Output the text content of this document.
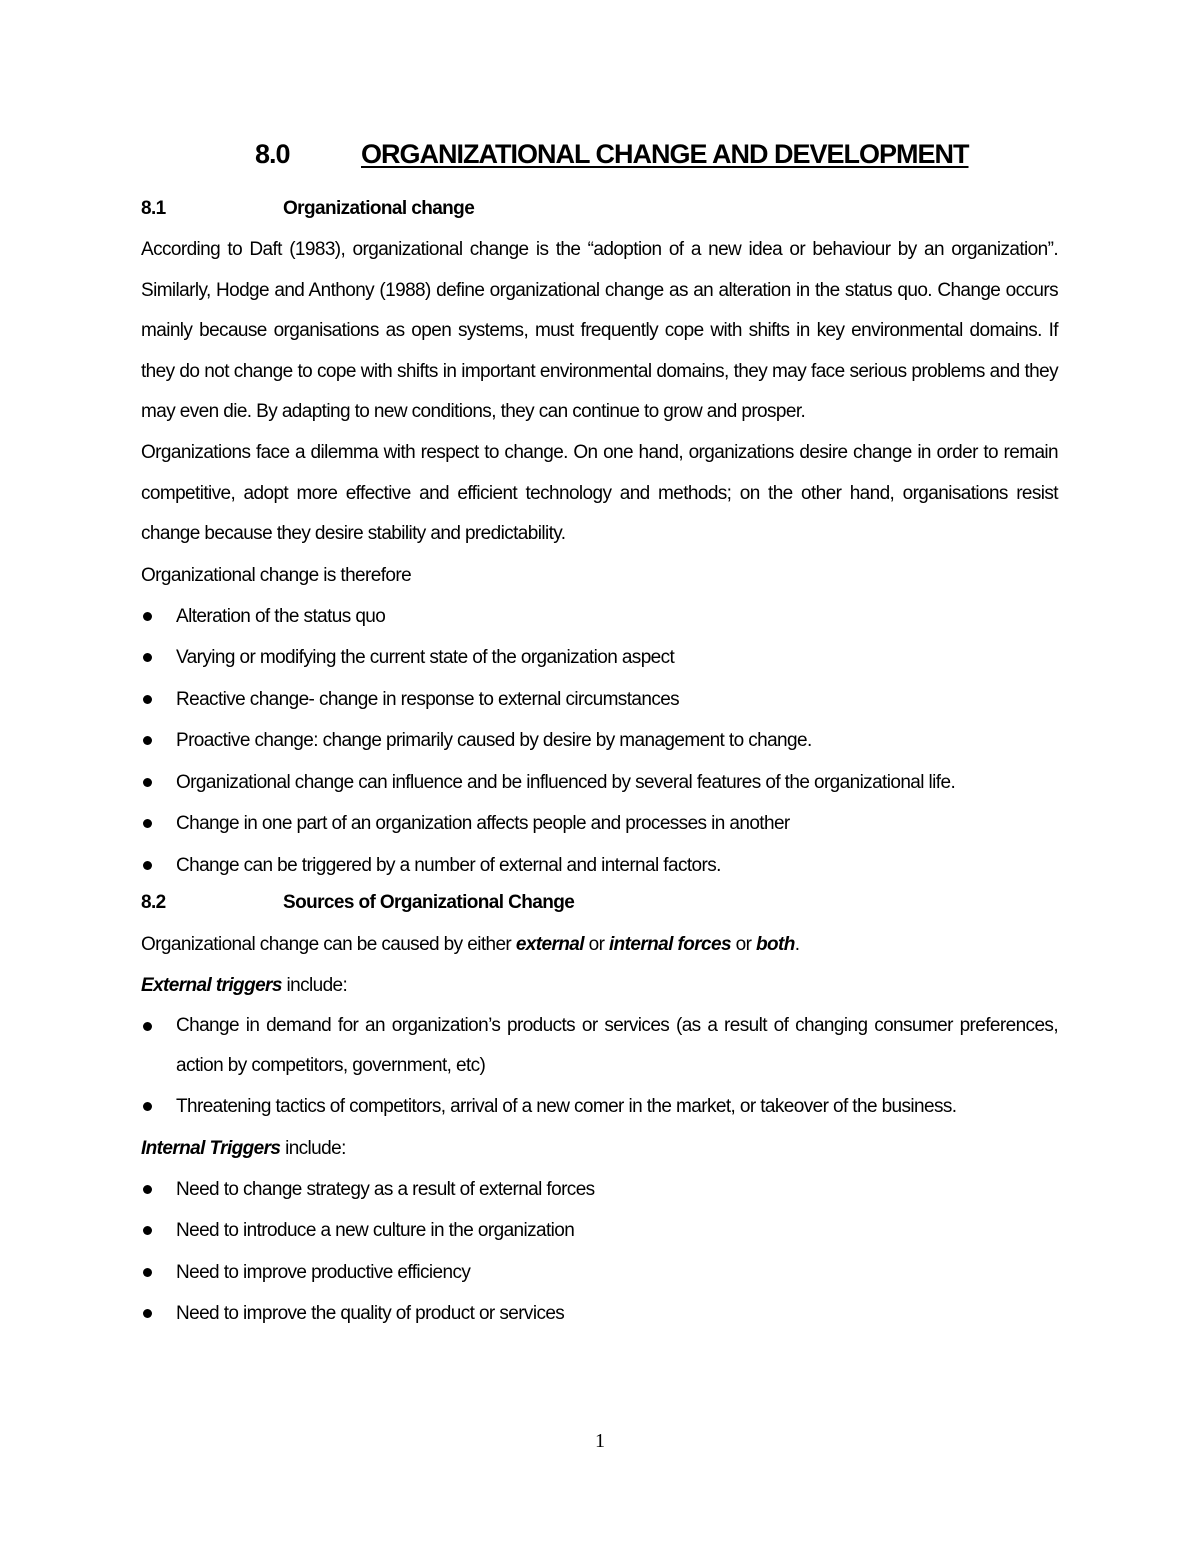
8.0	ORGANIZATIONAL CHANGE AND DEVELOPMENT
8.1	Organizational change

According to Daft (1983), organizational change is the “adoption of a new idea or behaviour by an organization”. Similarly, Hodge and Anthony (1988) define organizational change as an alteration in the status quo. Change occurs mainly because organisations as open systems, must frequently cope with shifts in key environmental domains. If they do not change to cope with shifts in important environmental domains, they may face serious problems and they may even die. By adapting to new conditions, they can continue to grow and prosper.

Organizations face a dilemma with respect to change. On one hand, organizations desire change in order to remain competitive, adopt more effective and efficient technology and methods; on the other hand, organisations resist change because they desire stability and predictability.

Organizational change is therefore

Alteration of the status quo
Varying or modifying the current state of the organization aspect
Reactive change- change in response to external circumstances
Proactive change: change primarily caused by desire by management to change.
Organizational change can influence and be influenced by several features of the organizational life.
Change in one part of an organization affects people and processes in another
Change can be triggered by a number of external and internal factors.
8.2	Sources of Organizational Change

Organizational change can be caused by either external or internal forces or both.

External triggers include:

Change in demand for an organization’s products or services (as a result of changing consumer preferences, action by competitors, government, etc)
Threatening tactics of competitors, arrival of a new comer in the market, or takeover of the business.

Internal Triggers include:

Need to change strategy as a result of external forces
Need to introduce a new culture in the organization
Need to improve productive efficiency
Need to improve the quality of product or services
1
